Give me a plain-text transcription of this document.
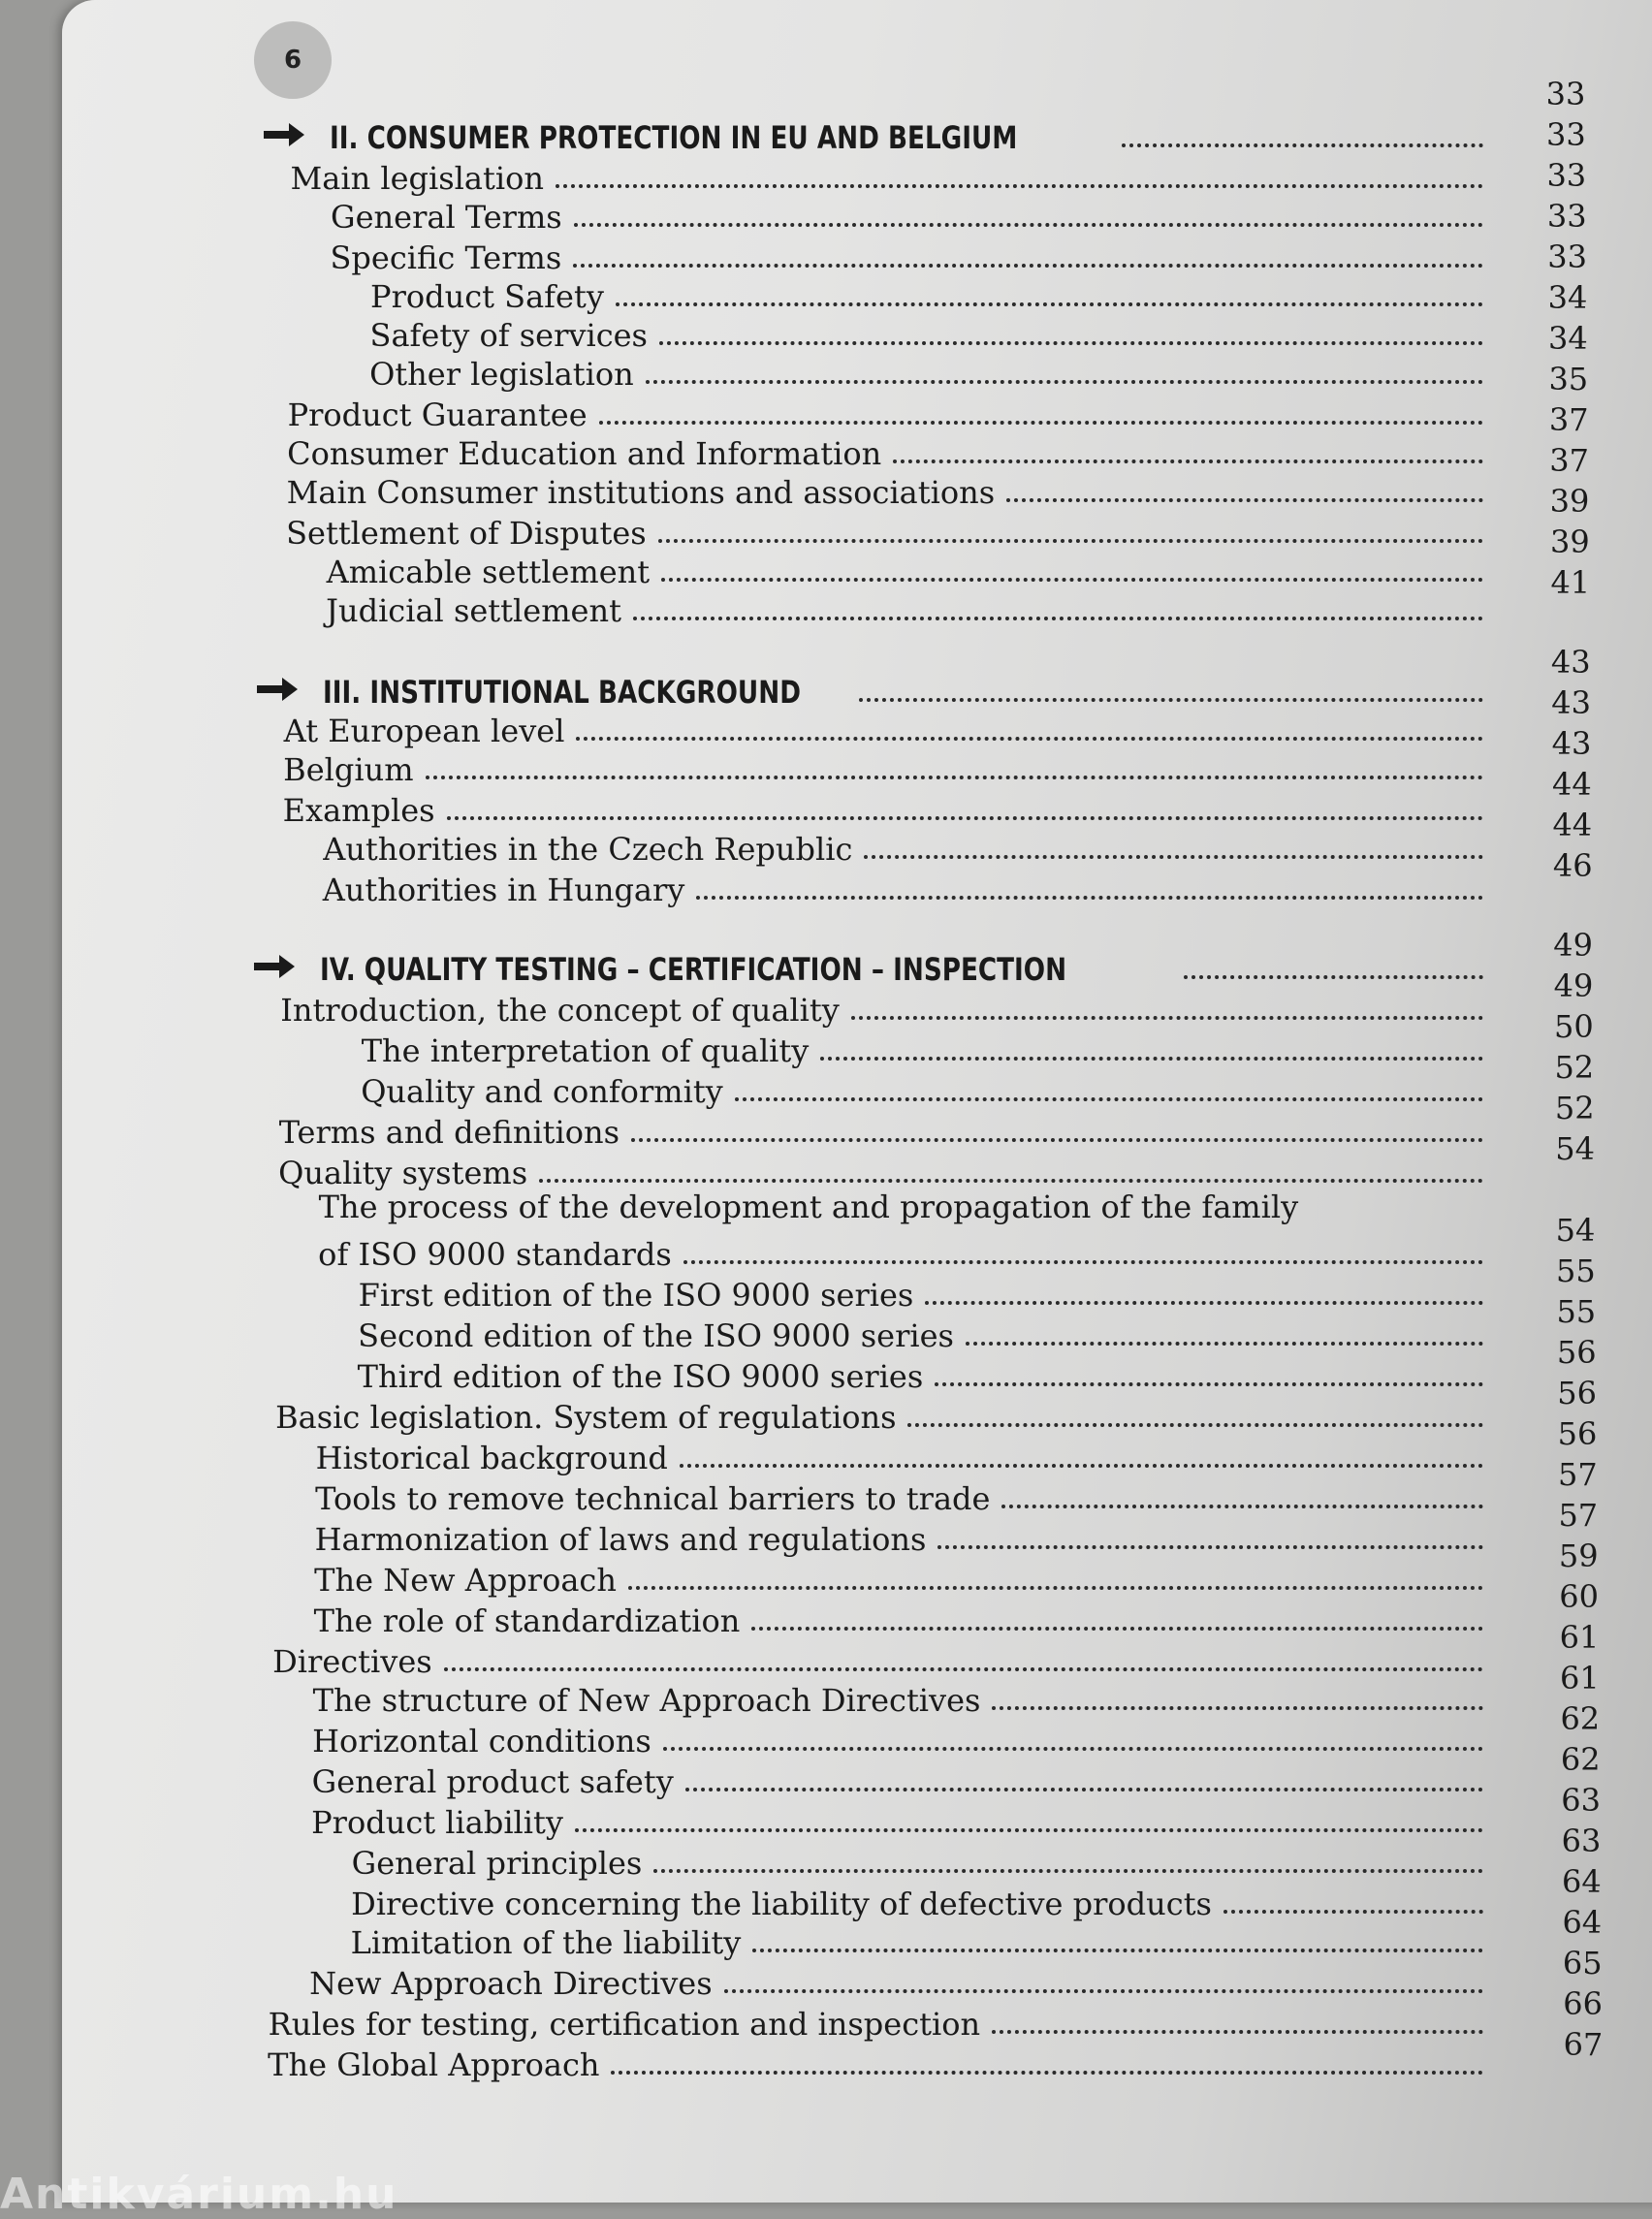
6
II. CONSUMER PROTECTION IN EU AND BELGIUM
Main legislation
General Terms
Specific Terms
Product Safety
Safety of services
Other legislation
Product Guarantee
Consumer Education and Information
Main Consumer institutions and associations
Settlement of Disputes
Amicable settlement
Judicial settlement
III. INSTITUTIONAL BACKGROUND
At European level
Belgium
Examples
Authorities in the Czech Republic
Authorities in Hungary
IV. QUALITY TESTING – CERTIFICATION – INSPECTION
Introduction, the concept of quality
The interpretation of quality
Quality and conformity
Terms and definitions
Quality systems
The process of the development and propagation of the family
of ISO 9000 standards
First edition of the ISO 9000 series
Second edition of the ISO 9000 series
Third edition of the ISO 9000 series
Basic legislation. System of regulations
Historical background
Tools to remove technical barriers to trade
Harmonization of laws and regulations
The New Approach
The role of standardization
Directives
The structure of New Approach Directives
Horizontal conditions
General product safety
Product liability
General principles
Directive concerning the liability of defective products
Limitation of the liability
New Approach Directives
Rules for testing, certification and inspection
The Global Approach
33
33
33
33
33
34
34
35
37
37
39
39
41
43
43
43
44
44
46
49
49
50
52
52
54
54
55
55
56
56
56
57
57
59
60
61
61
62
62
63
63
64
64
65
66
67
Antikvárium.hu
